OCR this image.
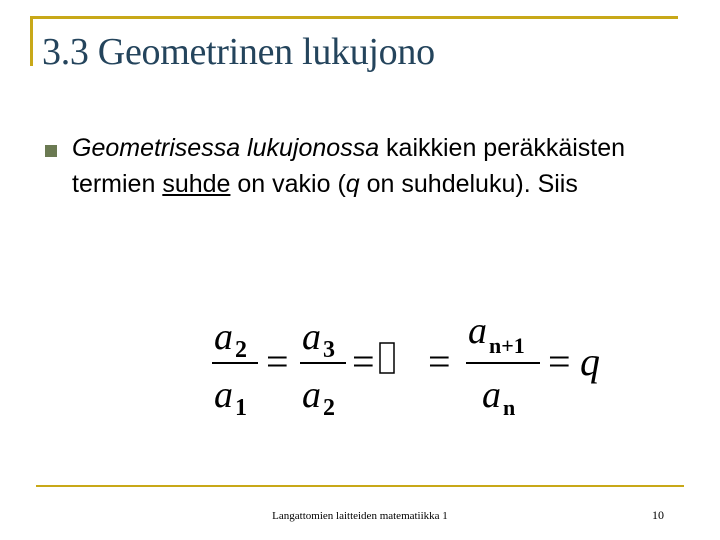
3.3 Geometrinen lukujono
Geometrisessa lukujonossa kaikkien peräkkäisten termien suhde on vakio (q on suhdeluku). Siis
$a_2$
$a_1$
=
$a_3$
$a_2$
= =
$a_{n+1}$
$a_n$
= q
Langattomien laitteiden matematiikka 1	10
